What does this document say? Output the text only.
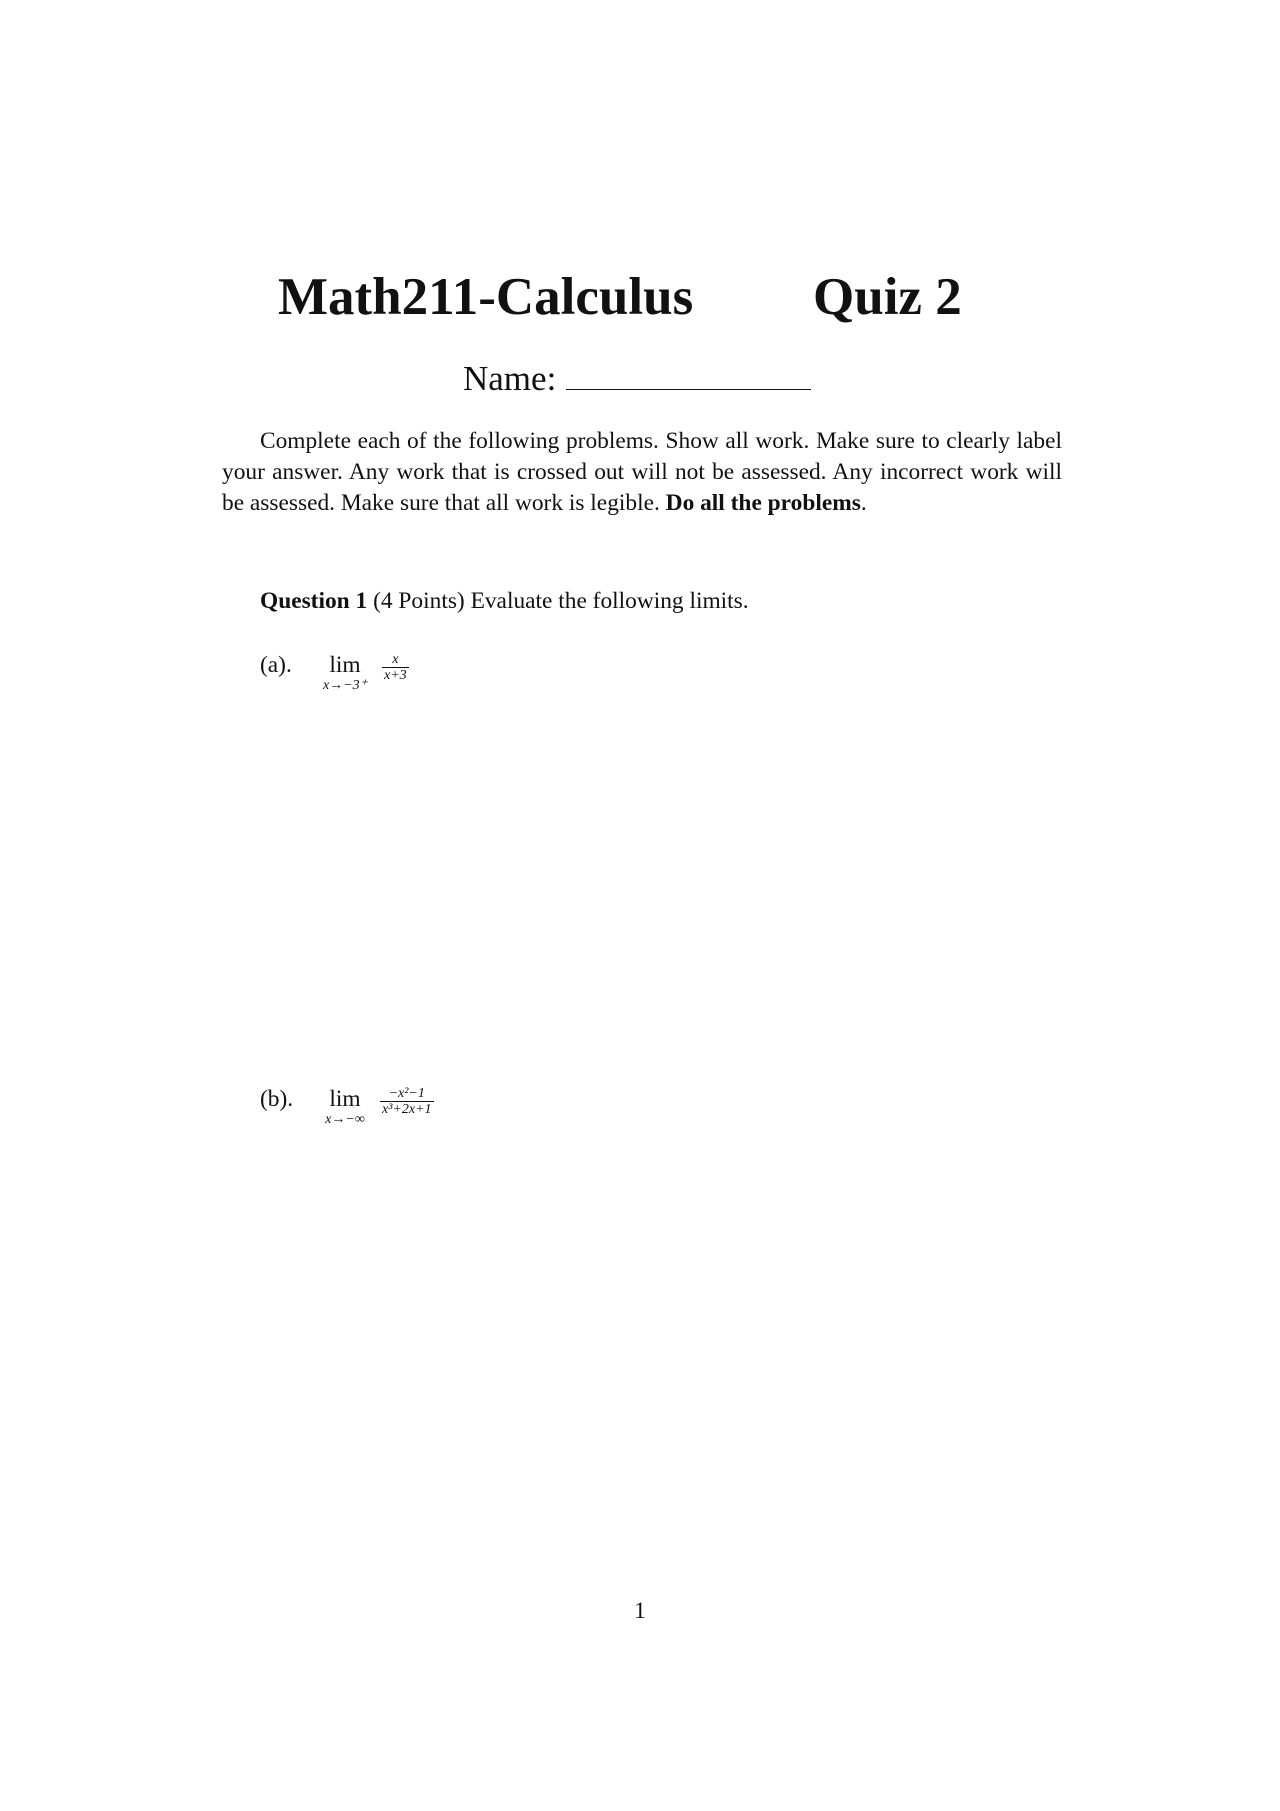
Math211-Calculus Quiz 2
Name:

Complete each of the following problems. Show all work. Make sure to clearly label your answer. Any work that is crossed out will not be assessed. Any incorrect work will be assessed. Make sure that all work is legible. Do all the problems.

Question 1 (4 Points) Evaluate the following limits.
(a).	lim
x→−3⁺
$\frac{x}{x+3}$
(b).	lim
x→−∞
$\frac{\text{−x²−1}}{\text{x³+2x+1}}$
1
